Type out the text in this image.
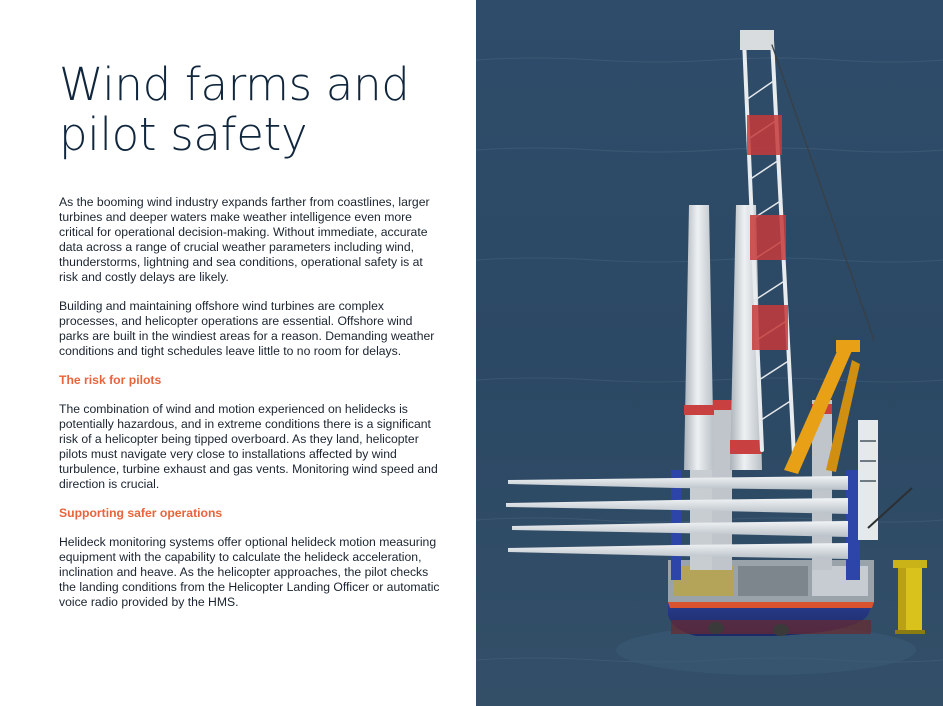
Wind farms and
pilot safety

As the booming wind industry expands farther from coastlines, larger turbines and deeper waters make weather intelligence even more critical for operational decision-making. Without immediate, accurate data across a range of crucial weather parameters including wind, thunderstorms, lightning and sea conditions, operational safety is at risk and costly delays are likely.

Building and maintaining offshore wind turbines are complex processes, and helicopter operations are essential. Offshore wind parks are built in the windiest areas for a reason. Demanding weather conditions and tight schedules leave little to no room for delays.

The risk for pilots

The combination of wind and motion experienced on helidecks is potentially hazardous, and in extreme conditions there is a significant risk of a helicopter being tipped overboard. As they land, helicopter pilots must navigate very close to installations affected by wind turbulence, turbine exhaust and gas vents. Monitoring wind speed and direction is crucial.

Supporting safer operations

Helideck monitoring systems offer optional helideck motion measuring equipment with the capability to calculate the helideck acceleration, inclination and heave. As the helicopter approaches, the pilot checks the landing conditions from the Helicopter Landing Officer or automatic voice radio provided by the HMS.
